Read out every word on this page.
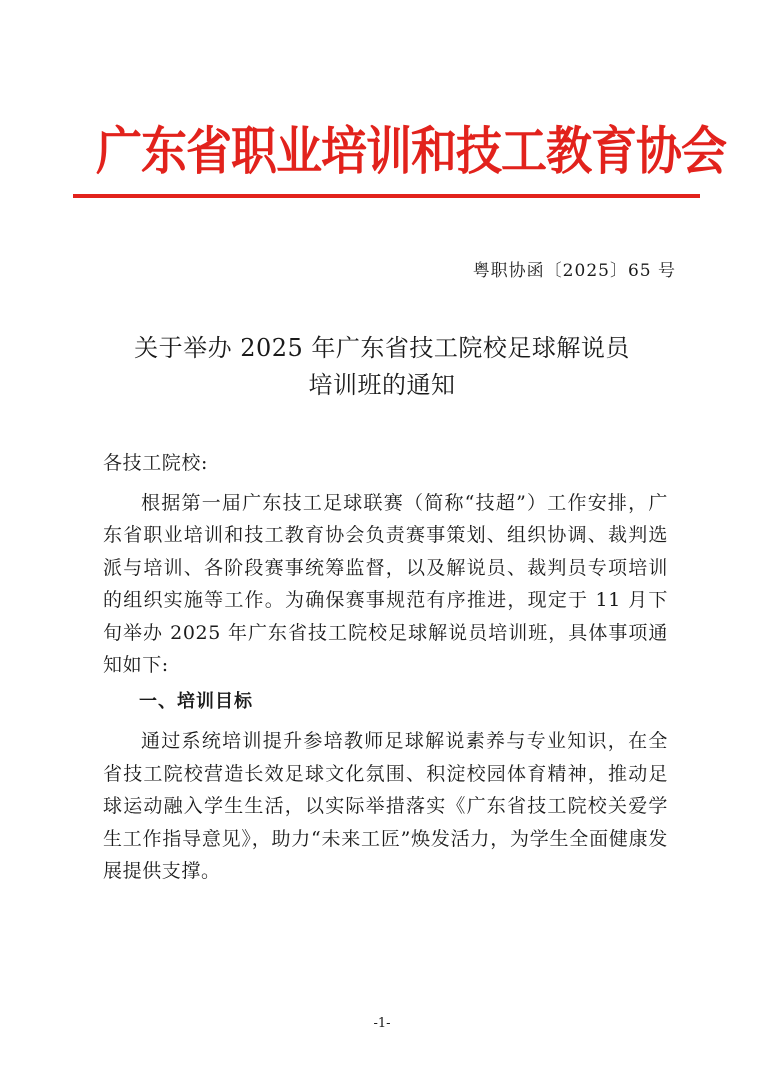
广东省职业培训和技工教育协会
粤职协函〔2025〕65 号
关于举办 2025 年广东省技工院校足球解说员
培训班的通知
各技工院校:
根据第一届广东技工足球联赛（简称“技超”）工作安排，广东省职业培训和技工教育协会负责赛事策划、组织协调、裁判选派与培训、各阶段赛事统筹监督，以及解说员、裁判员专项培训的组织实施等工作。为确保赛事规范有序推进，现定于 11 月下旬举办 2025 年广东省技工院校足球解说员培训班，具体事项通知如下:
一、培训目标
通过系统培训提升参培教师足球解说素养与专业知识，在全省技工院校营造长效足球文化氛围、积淀校园体育精神，推动足球运动融入学生生活，以实际举措落实《广东省技工院校关爱学生工作指导意见》，助力“未来工匠”焕发活力，为学生全面健康发展提供支撑。
-1-
